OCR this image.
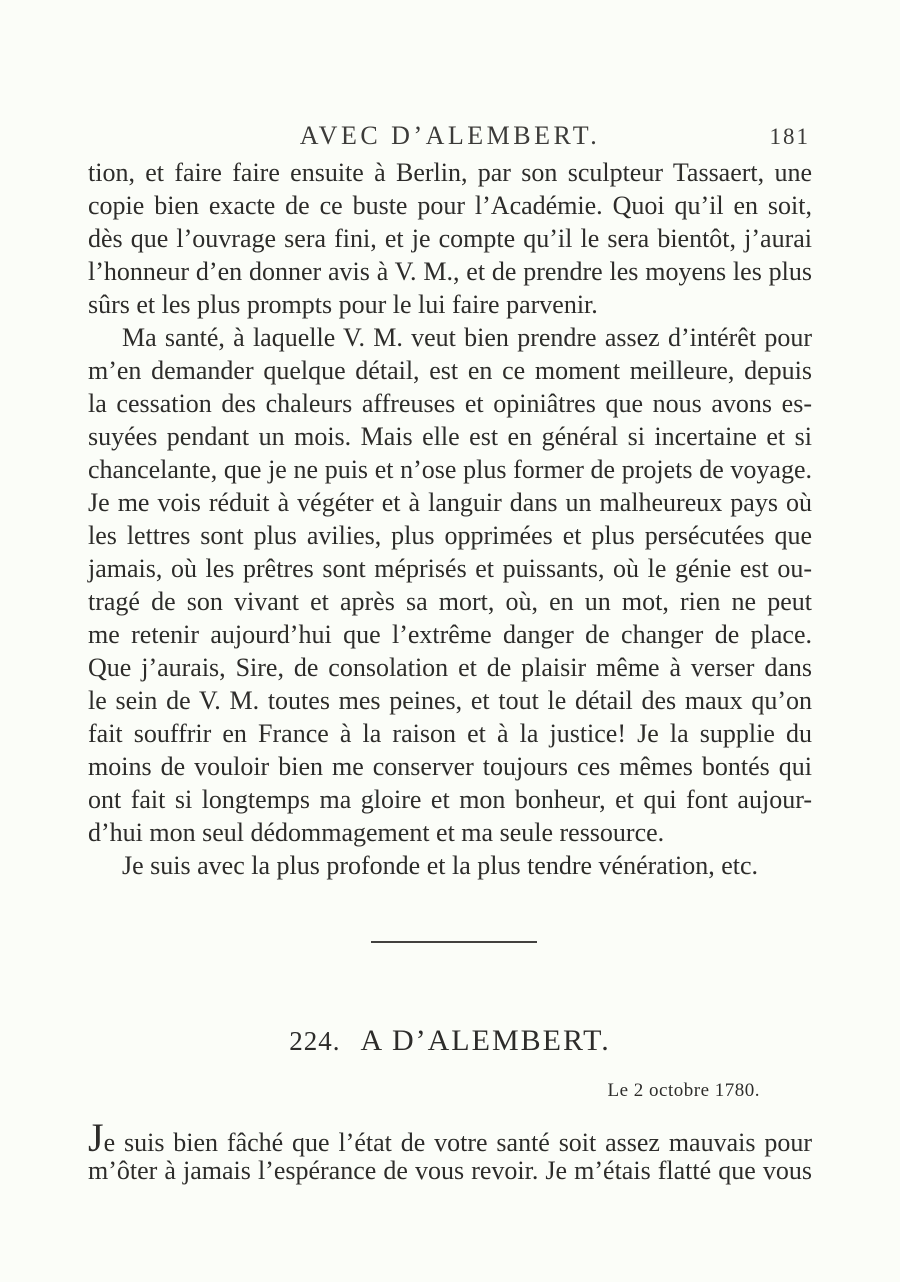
AVEC D’ALEMBERT.	181
tion, et faire faire ensuite à Berlin, par son sculpteur Tassaert, une
copie bien exacte de ce buste pour l’Académie. Quoi qu’il en soit,
dès que l’ouvrage sera fini, et je compte qu’il le sera bientôt, j’aurai
l’honneur d’en donner avis à V. M., et de prendre les moyens les plus
sûrs et les plus prompts pour le lui faire parvenir.
Ma santé, à laquelle V. M. veut bien prendre assez d’intérêt pour
m’en demander quelque détail, est en ce moment meilleure, depuis
la cessation des chaleurs affreuses et opiniâtres que nous avons es-
suyées pendant un mois. Mais elle est en général si incertaine et si
chancelante, que je ne puis et n’ose plus former de projets de voyage.
Je me vois réduit à végéter et à languir dans un malheureux pays où
les lettres sont plus avilies, plus opprimées et plus persécutées que
jamais, où les prêtres sont méprisés et puissants, où le génie est ou-
tragé de son vivant et après sa mort, où, en un mot, rien ne peut
me retenir aujourd’hui que l’extrême danger de changer de place.
Que j’aurais, Sire, de consolation et de plaisir même à verser dans
le sein de V. M. toutes mes peines, et tout le détail des maux qu’on
fait souffrir en France à la raison et à la justice! Je la supplie du
moins de vouloir bien me conserver toujours ces mêmes bontés qui
ont fait si longtemps ma gloire et mon bonheur, et qui font aujour-
d’hui mon seul dédommagement et ma seule ressource.
Je suis avec la plus profonde et la plus tendre vénération, etc.
224. A D’ALEMBERT.
Le 2 octobre 1780.
Je suis bien fâché que l’état de votre santé soit assez mauvais pour
m’ôter à jamais l’espérance de vous revoir. Je m’étais flatté que vous
